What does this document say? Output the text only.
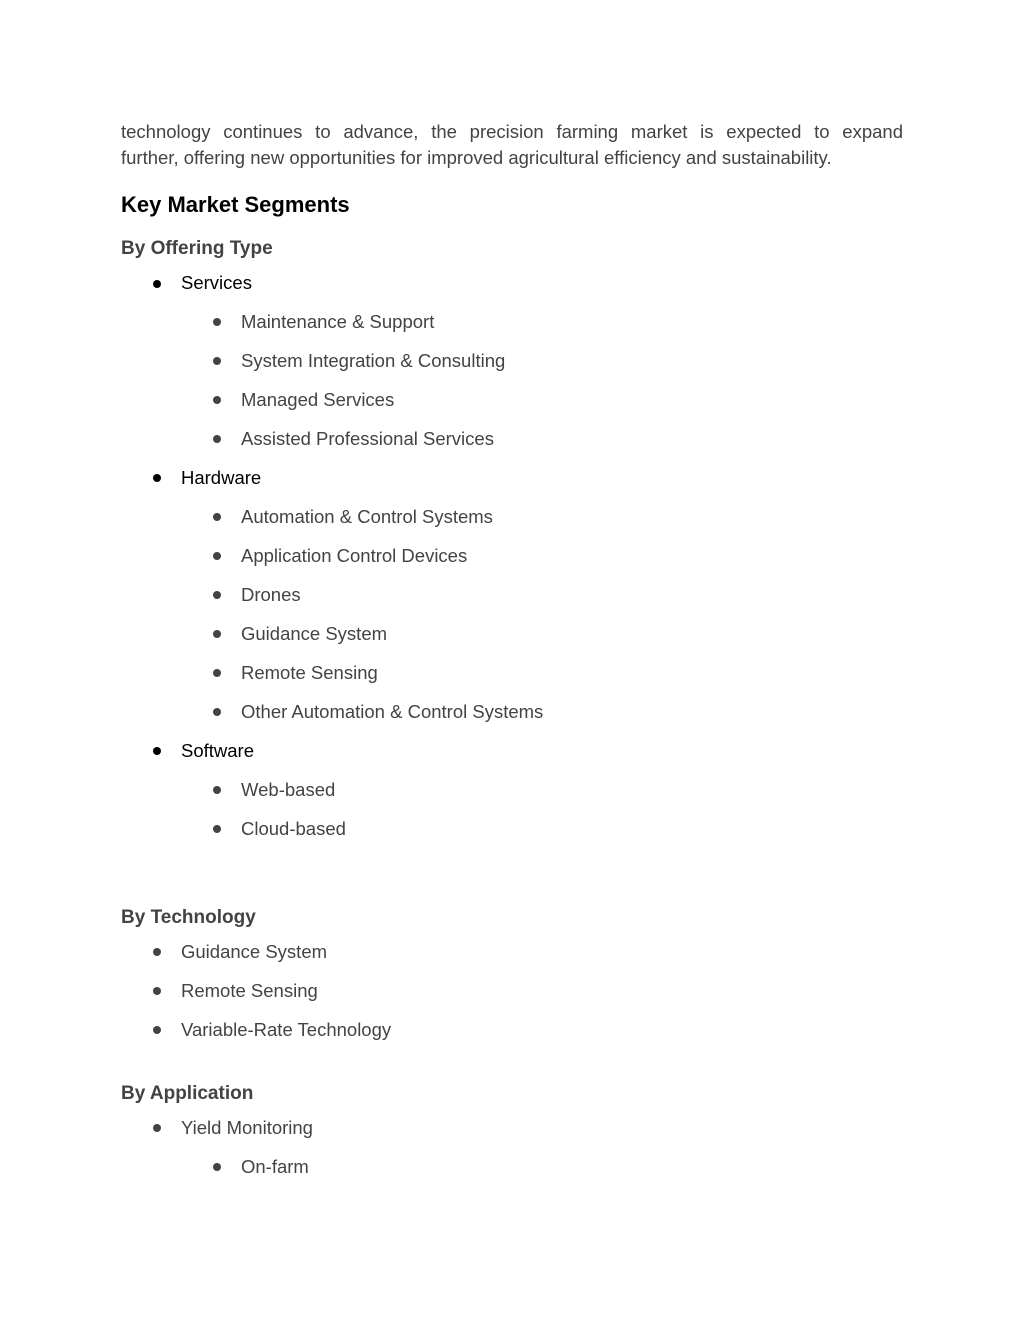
technology continues to advance, the precision farming market is expected to expand
further, offering new opportunities for improved agricultural efficiency and sustainability.

Key Market Segments
By Offering Type
Services
Maintenance & Support
System Integration & Consulting
Managed Services
Assisted Professional Services
Hardware
Automation & Control Systems
Application Control Devices
Drones
Guidance System
Remote Sensing
Other Automation & Control Systems
Software
Web-based
Cloud-based
By Technology
Guidance System
Remote Sensing
Variable-Rate Technology
By Application
Yield Monitoring
On-farm
